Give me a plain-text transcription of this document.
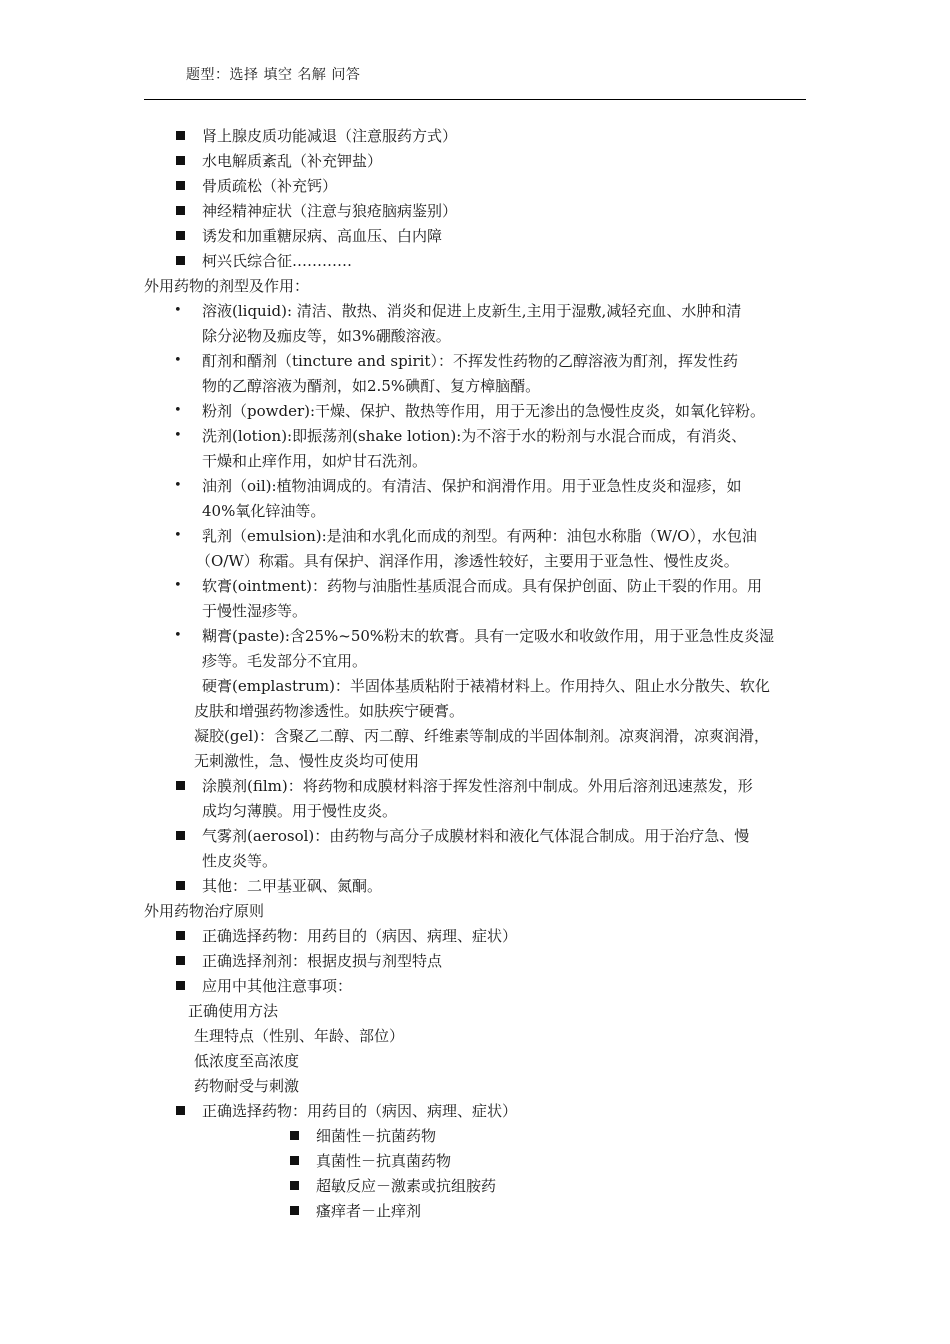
题型：选择 填空 名解 问答
肾上腺皮质功能减退（注意服药方式）
水电解质紊乱（补充钾盐）
骨质疏松（补充钙）
神经精神症状（注意与狼疮脑病鉴别）
诱发和加重糖尿病、高血压、白内障
柯兴氏综合征…………
外用药物的剂型及作用：
• 溶液(liquid): 清洁、散热、消炎和促进上皮新生,主用于湿敷,减轻充血、水肿和清
除分泌物及痂皮等，如3%硼酸溶液。
• 酊剂和醑剂（tincture and spirit）：不挥发性药物的乙醇溶液为酊剂，挥发性药
物的乙醇溶液为醑剂，如2.5%碘酊、复方樟脑醑。
• 粉剂（powder):干燥、保护、散热等作用，用于无渗出的急慢性皮炎，如氧化锌粉。
• 洗剂(lotion):即振荡剂(shake lotion):为不溶于水的粉剂与水混合而成，有消炎、
干燥和止痒作用，如炉甘石洗剂。
• 油剂（oil):植物油调成的。有清洁、保护和润滑作用。用于亚急性皮炎和湿疹，如
40%氧化锌油等。
• 乳剂（emulsion):是油和水乳化而成的剂型。有两种：油包水称脂（W/O），水包油
（O/W）称霜。具有保护、润泽作用，渗透性较好，主要用于亚急性、慢性皮炎。
• 软膏(ointment)：药物与油脂性基质混合而成。具有保护创面、防止干裂的作用。用
于慢性湿疹等。
• 糊膏(paste):含25%~50%粉末的软膏。具有一定吸水和收敛作用，用于亚急性皮炎湿
疹等。毛发部分不宜用。
硬膏(emplastrum)：半固体基质粘附于裱褙材料上。作用持久、阻止水分散失、软化
皮肤和增强药物渗透性。如肤疾宁硬膏。
凝胶(gel)：含聚乙二醇、丙二醇、纤维素等制成的半固体制剂。凉爽润滑，凉爽润滑，
无刺激性，急、慢性皮炎均可使用
涂膜剂(film)：将药物和成膜材料溶于挥发性溶剂中制成。外用后溶剂迅速蒸发，形
成均匀薄膜。用于慢性皮炎。
气雾剂(aerosol)：由药物与高分子成膜材料和液化气体混合制成。用于治疗急、慢
性皮炎等。
其他：二甲基亚砜、氮酮。
外用药物治疗原则
正确选择药物：用药目的（病因、病理、症状）
正确选择剂剂：根据皮损与剂型特点
应用中其他注意事项：
正确使用方法
生理特点（性别、年龄、部位）
低浓度至高浓度
药物耐受与刺激
正确选择药物：用药目的（病因、病理、症状）
细菌性－抗菌药物
真菌性－抗真菌药物
超敏反应－激素或抗组胺药
瘙痒者－止痒剂
